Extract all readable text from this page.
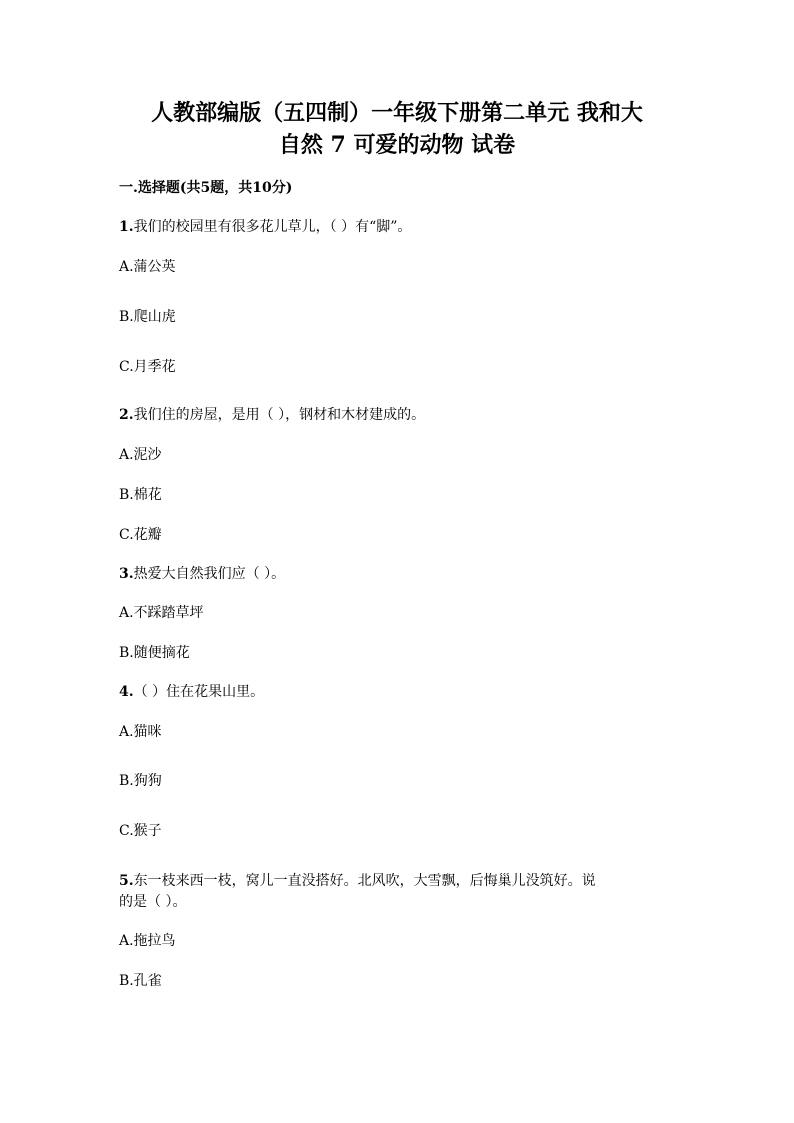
人教部编版（五四制）一年级下册第二单元 我和大
自然 7 可爱的动物 试卷
一.选择题(共5题，共10分)
1.我们的校园里有很多花儿草儿，（ ）有“脚”。
A.蒲公英
B.爬山虎
C.月季花
2.我们住的房屋，是用（ ），钢材和木材建成的。
A.泥沙
B.棉花
C.花瓣
3.热爱大自然我们应（ ）。
A.不踩踏草坪
B.随便摘花
4.（ ）住在花果山里。
A.猫咪
B.狗狗
C.猴子
5.东一枝来西一枝，窝儿一直没搭好。北风吹，大雪飘，后悔巢儿没筑好。说
的是（ ）。
A.拖拉鸟
B.孔雀
